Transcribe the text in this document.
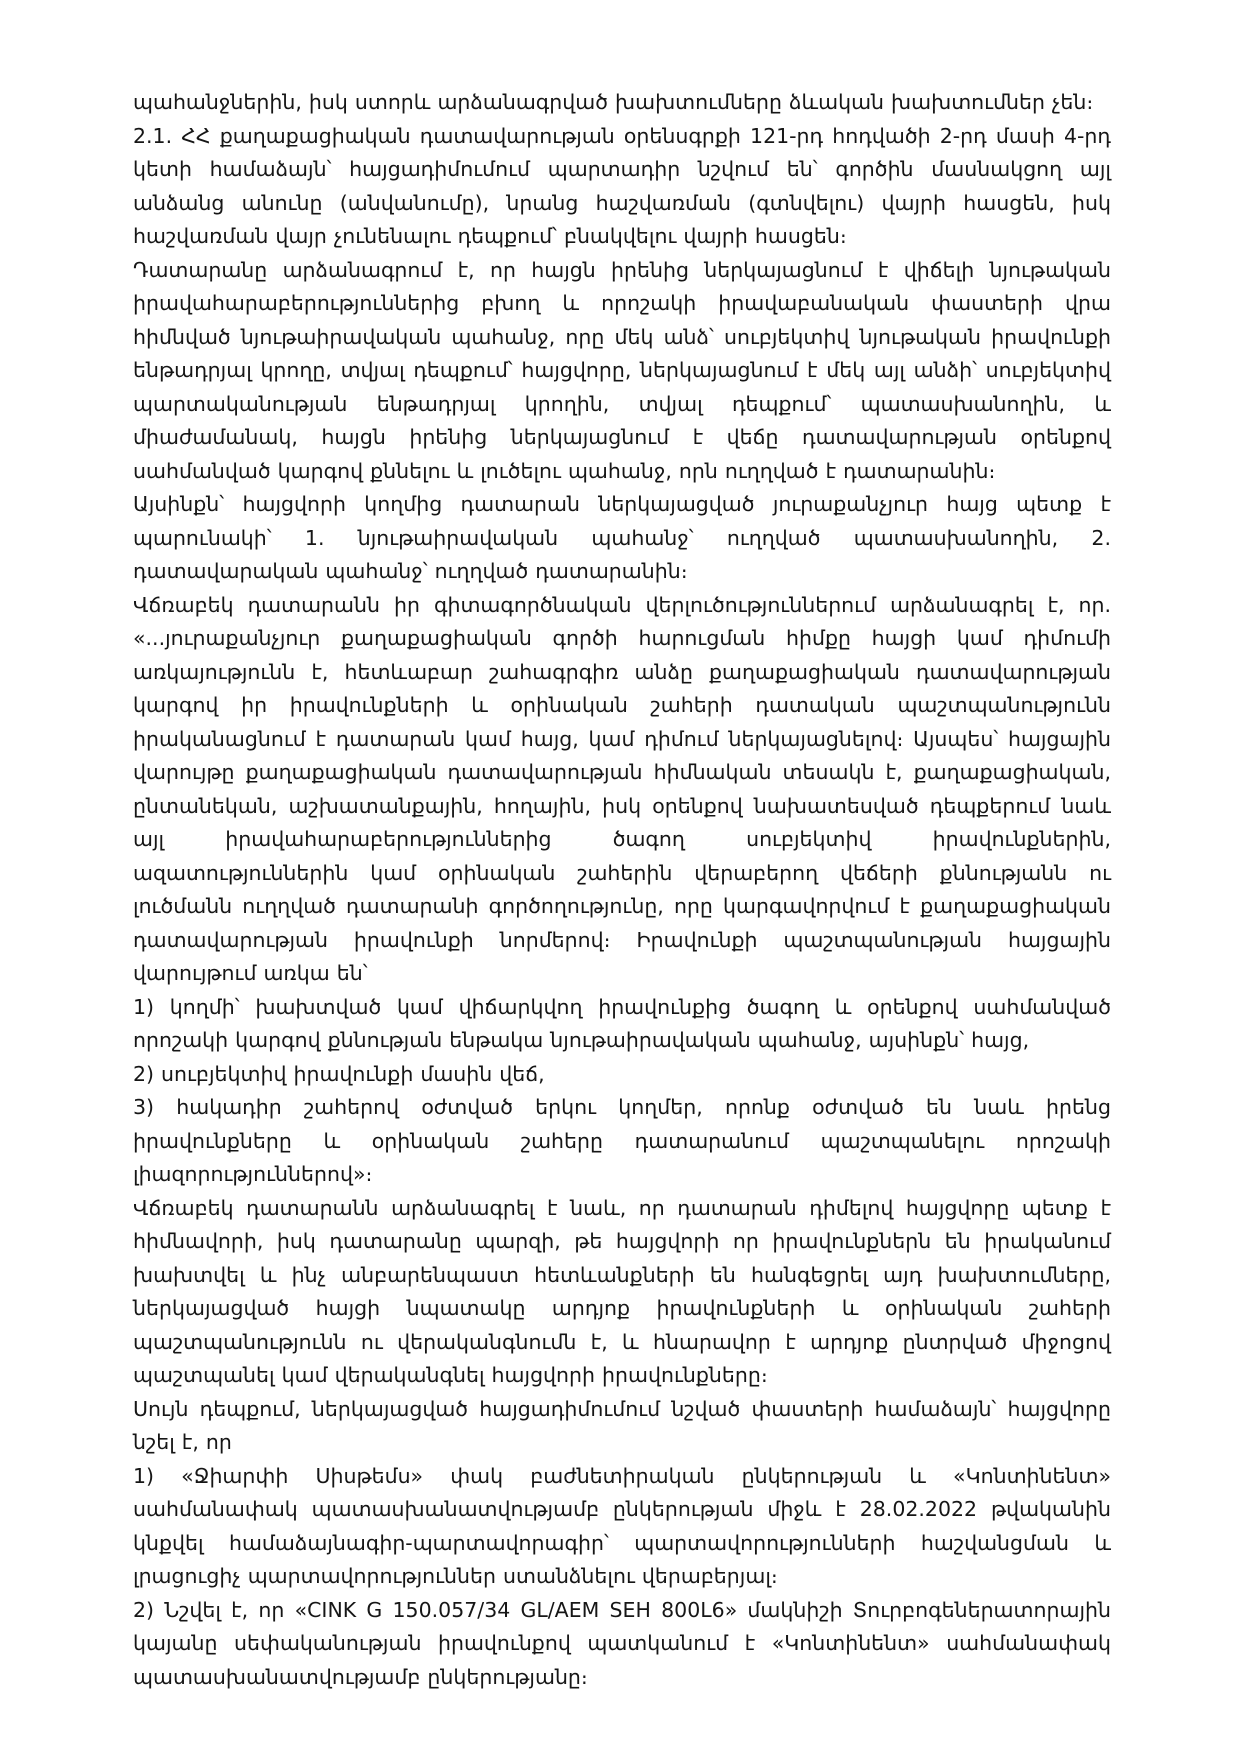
պահանջներին, իսկ ստորև արձանագրված խախտումները ձևական խախտումներ չեն։

2.1. ՀՀ քաղաքացիական դատավարության օրենսգրքի 121-րդ հոդվածի 2-րդ մասի 4-րդ կետի համաձայն՝ հայցադիմումում պարտադիր նշվում են՝ գործին մասնակցող այլ անձանց անունը (անվանումը), նրանց հաշվառման (գտնվելու) վայրի հասցեն, իսկ հաշվառման վայր չունենալու դեպքում՝ բնակվելու վայրի հասցեն։

Դատարանը արձանագրում է, որ հայցն իրենից ներկայացնում է վիճելի նյութական իրավահարաբերություններից բխող և որոշակի իրավաբանական փաստերի վրա հիմնված նյութաիրավական պահանջ, որը մեկ անձ՝ սուբյեկտիվ նյութական իրավունքի ենթադրյալ կրողը, տվյալ դեպքում՝ հայցվորը, ներկայացնում է մեկ այլ անձի՝ սուբյեկտիվ պարտականության ենթադրյալ կրողին, տվյալ դեպքում՝ պատասխանողին, և միաժամանակ, հայցն իրենից ներկայացնում է վեճը դատավարության օրենքով սահմանված կարգով քննելու և լուծելու պահանջ, որն ուղղված է դատարանին։

Այսինքն՝ հայցվորի կողմից դատարան ներկայացված յուրաքանչյուր հայց պետք է պարունակի՝ 1. նյութաիրավական պահանջ՝ ուղղված պատասխանողին, 2. դատավարական պահանջ՝ ուղղված դատարանին։

Վճռաբեկ դատարանն իր գիտագործնական վերլուծություններում արձանագրել է, որ. «...յուրաքանչյուր քաղաքացիական գործի հարուցման հիմքը հայցի կամ դիմումի առկայությունն է, հետևաբար շահագրգիռ անձը քաղաքացիական դատավարության կարգով իր իրավունքների և օրինական շահերի դատական պաշտպանությունն իրականացնում է դատարան կամ հայց, կամ դիմում ներկայացնելով։ Այսպես՝ հայցային վարույթը քաղաքացիական դատավարության հիմնական տեսակն է, քաղաքացիական, ընտանեկան, աշխատանքային, հողային, իսկ օրենքով նախատեսված դեպքերում նաև այլ իրավահարաբերություններից ծագող սուբյեկտիվ իրավունքներին, ազատություններին կամ օրինական շահերին վերաբերող վեճերի քննությանն ու լուծմանն ուղղված դատարանի գործողությունը, որը կարգավորվում է քաղաքացիական դատավարության իրավունքի նորմերով։ Իրավունքի պաշտպանության հայցային վարույթում առկա են՝

1) կողմի՝ խախտված կամ վիճարկվող իրավունքից ծագող և օրենքով սահմանված որոշակի կարգով քննության ենթակա նյութաիրավական պահանջ, այսինքն՝ հայց,

2) սուբյեկտիվ իրավունքի մասին վեճ,

3) հակադիր շահերով օժտված երկու կողմեր, որոնք օժտված են նաև իրենց իրավունքները և օրինական շահերը դատարանում պաշտպանելու որոշակի լիազորություններով»։

Վճռաբեկ դատարանն արձանագրել է նաև, որ դատարան դիմելով հայցվորը պետք է հիմնավորի, իսկ դատարանը պարզի, թե հայցվորի որ իրավունքներն են իրականում խախտվել և ինչ անբարենպաստ հետևանքների են հանգեցրել այդ խախտումները, ներկայացված հայցի նպատակը արդյոք իրավունքների և օրինական շահերի պաշտպանությունն ու վերականգնումն է, և հնարավոր է արդյոք ընտրված միջոցով պաշտպանել կամ վերականգնել հայցվորի իրավունքները։

Սույն դեպքում, ներկայացված հայցադիմումում նշված փաստերի համաձայն՝ հայցվորը նշել է, որ

1) «Ջիարփի Սիսթեմս» փակ բաժնետիրական ընկերության և «Կոնտինենտ» սահմանափակ պատասխանատվությամբ ընկերության միջև է 28.02.2022 թվականին կնքվել համաձայնագիր-պարտավորագիր՝ պարտավորությունների հաշվանցման և լրացուցիչ պարտավորություններ ստանձնելու վերաբերյալ։

2) Նշվել է, որ «CINK G 150.057/34 GL/AEM SEH 800L6» մակնիշի Տուրբոգեներատորային կայանը սեփականության իրավունքով պատկանում է «Կոնտինենտ» սահմանափակ պատասխանատվությամբ ընկերությանը։
